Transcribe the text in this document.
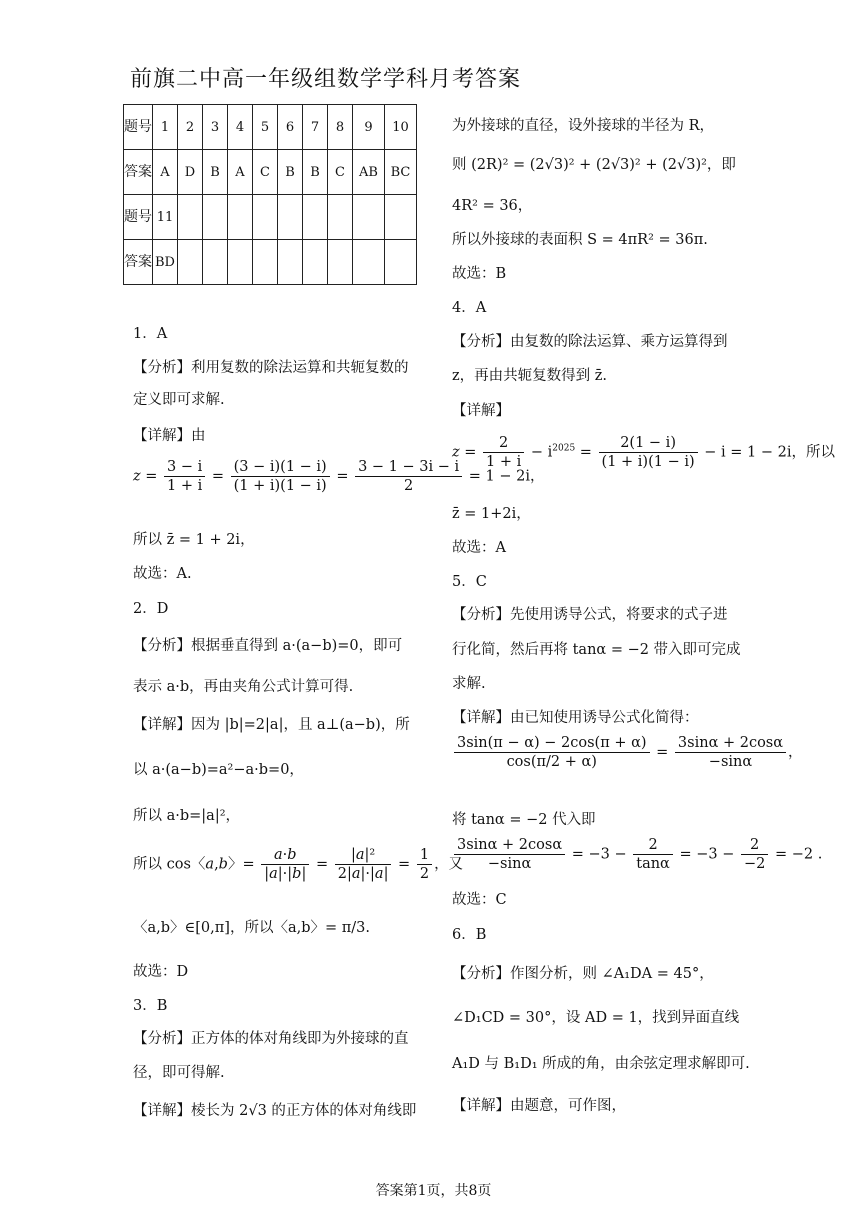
前旗二中高一年级组数学学科月考答案
题号	1	2	3	4	5	6	7	8	9	10
答案	A	D	B	A	C	B	B	C	AB	BC
题号	11									
答案	BD									
1．A
【分析】利用复数的除法运算和共轭复数的
定义即可求解.
【详解】由
$z = \frac{3 - i}{1 + i} = \frac{(3 - i)(1 - i)}{(1 + i)(1 - i)} = \frac{3 - 1 - 3i - i}{2} = 1 - 2i$，
所以 z̄ = 1 + 2i，
故选：A.
2．D
【分析】根据垂直得到 a·(a−b)=0，即可
表示 a·b，再由夹角公式计算可得.
【详解】因为 |b|=2|a|，且 a⊥(a−b)，所
以 a·(a−b)=a²−a·b=0，
所以 a·b=|a|²，
所以 cos〈a,b〉= $\frac{a\cdot b}{|a|\cdot|b|} = \frac{\text{|a|²}}{2|a|\cdot|a|} = \frac{1}{2}$ ，又
〈a,b〉∈[0,π]，所以〈a,b〉= π/3.
故选：D
3．B
【分析】正方体的体对角线即为外接球的直
径，即可得解.
【详解】棱长为 2√3 的正方体的体对角线即
为外接球的直径，设外接球的半径为 R，
则 (2R)² = (2√3)² + (2√3)² + (2√3)²，即
4R² = 36，
所以外接球的表面积 S = 4πR² = 36π.
故选：B
4．A
【分析】由复数的除法运算、乘方运算得到
z，再由共轭复数得到 z̄.
【详解】
$z = \frac{2}{1 + i} - i^{2025} = \frac{2(1 - i)}{(1 + i)(1 - i)} - i = 1 - 2i$，所以
z̄ = 1+2i，
故选：A
5．C
【分析】先使用诱导公式，将要求的式子进
行化简，然后再将 tanα = −2 带入即可完成
求解.
【详解】由已知使用诱导公式化简得：
$\frac{3\sin(\pi - \alpha) - 2\cos(\pi + \alpha)}{\cos(\pi/2 + \alpha)} = \frac{3\sin\alpha + 2\cos\alpha}{-\sin\alpha}$ ，
将 tanα = −2 代入即
$\frac{3\sin\alpha + 2\cos\alpha}{-\sin\alpha} = -3 - \frac{2}{\tan\alpha} = -3 - \frac{2}{-2} = -2$ .
故选：C
6．B
【分析】作图分析，则 ∠A₁DA = 45°，
∠D₁CD = 30°，设 AD = 1，找到异面直线
A₁D 与 B₁D₁ 所成的角，由余弦定理求解即可.
【详解】由题意，可作图，
答案第1页，共8页
